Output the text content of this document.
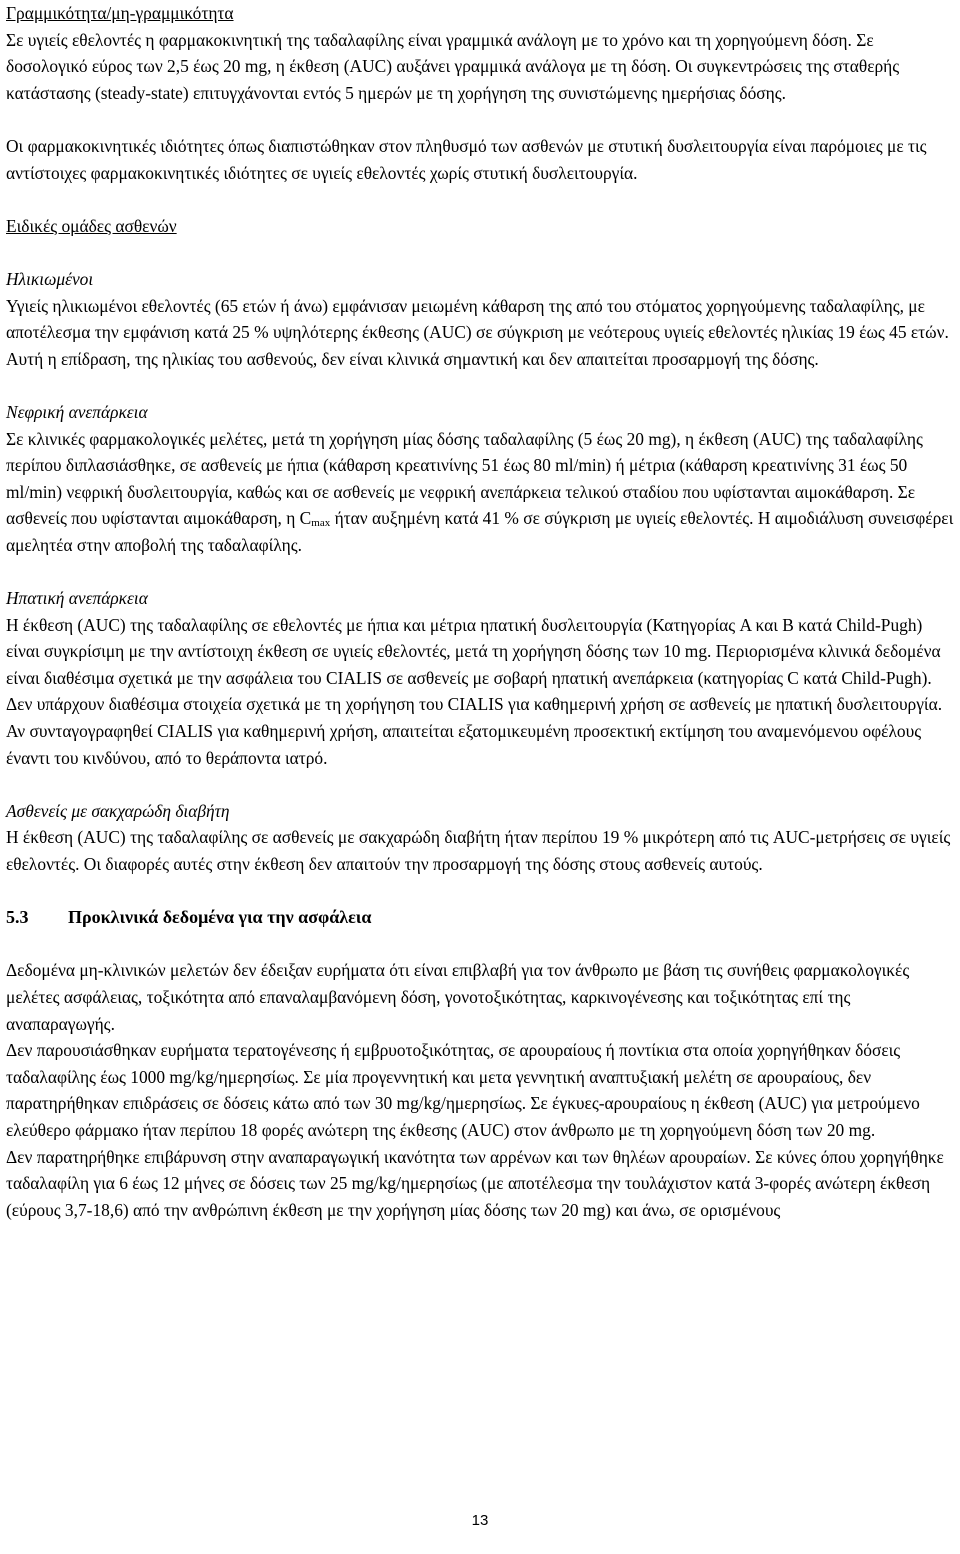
Γραμμικότητα/μη-γραμμικότητα

Σε υγιείς εθελοντές η φαρμακοκινητική της ταδαλαφίλης είναι γραμμικά ανάλογη με το χρόνο και τη χορηγούμενη δόση. Σε δοσολογικό εύρος των 2,5 έως 20 mg, η έκθεση (AUC) αυξάνει γραμμικά ανάλογα με τη δόση. Οι συγκεντρώσεις της σταθερής κατάστασης (steady-state) επιτυγχάνονται εντός 5 ημερών με τη χορήγηση της συνιστώμενης ημερήσιας δόσης.

Οι φαρμακοκινητικές ιδιότητες όπως διαπιστώθηκαν στον πληθυσμό των ασθενών με στυτική δυσλειτουργία είναι παρόμοιες με τις αντίστοιχες φαρμακοκινητικές ιδιότητες σε υγιείς εθελοντές χωρίς στυτική δυσλειτουργία.

Ειδικές ομάδες ασθενών

Ηλικιωμένοι

Υγιείς ηλικιωμένοι εθελοντές (65 ετών ή άνω) εμφάνισαν μειωμένη κάθαρση της από του στόματος χορηγούμενης ταδαλαφίλης, με αποτέλεσμα την εμφάνιση κατά 25 % υψηλότερης έκθεσης (AUC) σε σύγκριση με νεότερους υγιείς εθελοντές ηλικίας 19 έως 45 ετών. Αυτή η επίδραση, της ηλικίας του ασθενούς, δεν είναι κλινικά σημαντική και δεν απαιτείται προσαρμογή της δόσης.

Νεφρική ανεπάρκεια

Σε κλινικές φαρμακολογικές μελέτες, μετά τη χορήγηση μίας δόσης ταδαλαφίλης (5 έως 20 mg), η έκθεση (AUC) της ταδαλαφίλης περίπου διπλασιάσθηκε, σε ασθενείς με ήπια (κάθαρση κρεατινίνης 51 έως 80 ml/min) ή μέτρια (κάθαρση κρεατινίνης 31 έως 50 ml/min) νεφρική δυσλειτουργία, καθώς και σε ασθενείς με νεφρική ανεπάρκεια τελικού σταδίου που υφίστανται αιμοκάθαρση. Σε ασθενείς που υφίστανται αιμοκάθαρση, η Cmax ήταν αυξημένη κατά 41 % σε σύγκριση με υγιείς εθελοντές. Η αιμοδιάλυση συνεισφέρει αμελητέα στην αποβολή της ταδαλαφίλης.

Ηπατική ανεπάρκεια

Η έκθεση (AUC) της ταδαλαφίλης σε εθελοντές με ήπια και μέτρια ηπατική δυσλειτουργία (Κατηγορίας A και B κατά Child-Pugh) είναι συγκρίσιμη με την αντίστοιχη έκθεση σε υγιείς εθελοντές, μετά τη χορήγηση δόσης των 10 mg. Περιορισμένα κλινικά δεδομένα είναι διαθέσιμα σχετικά με την ασφάλεια του CIALIS σε ασθενείς με σοβαρή ηπατική ανεπάρκεια (κατηγορίας C κατά Child-Pugh). Δεν υπάρχουν διαθέσιμα στοιχεία σχετικά με τη χορήγηση του CIALIS για καθημερινή χρήση σε ασθενείς με ηπατική δυσλειτουργία. Αν συνταγογραφηθεί CIALIS για καθημερινή χρήση, απαιτείται εξατομικευμένη προσεκτική εκτίμηση του αναμενόμενου οφέλους έναντι του κινδύνου, από το θεράποντα ιατρό.

Ασθενείς με σακχαρώδη διαβήτη

Η έκθεση (AUC) της ταδαλαφίλης σε ασθενείς με σακχαρώδη διαβήτη ήταν περίπου 19 % μικρότερη από τις AUC-μετρήσεις σε υγιείς εθελοντές. Οι διαφορές αυτές στην έκθεση δεν απαιτούν την προσαρμογή της δόσης στους ασθενείς αυτούς.

5.3 Προκλινικά δεδομένα για την ασφάλεια

Δεδομένα μη-κλινικών μελετών δεν έδειξαν ευρήματα ότι είναι επιβλαβή για τον άνθρωπο με βάση τις συνήθεις φαρμακολογικές μελέτες ασφάλειας, τοξικότητα από επαναλαμβανόμενη δόση, γονοτοξικότητας, καρκινογένεσης και τοξικότητας επί της αναπαραγωγής.

Δεν παρουσιάσθηκαν ευρήματα τερατογένεσης ή εμβρυοτοξικότητας, σε αρουραίους ή ποντίκια στα οποία χορηγήθηκαν δόσεις ταδαλαφίλης έως 1000 mg/kg/ημερησίως. Σε μία προγεννητική και μετα γεννητική αναπτυξιακή μελέτη σε αρουραίους, δεν παρατηρήθηκαν επιδράσεις σε δόσεις κάτω από των 30 mg/kg/ημερησίως. Σε έγκυες-αρουραίους η έκθεση (AUC) για μετρούμενο ελεύθερο φάρμακο ήταν περίπου 18 φορές ανώτερη της έκθεσης (AUC) στον άνθρωπο με τη χορηγούμενη δόση των 20 mg.

Δεν παρατηρήθηκε επιβάρυνση στην αναπαραγωγική ικανότητα των αρρένων και των θηλέων αρουραίων. Σε κύνες όπου χορηγήθηκε ταδαλαφίλη για 6 έως 12 μήνες σε δόσεις των 25 mg/kg/ημερησίως (με αποτέλεσμα την τουλάχιστον κατά 3-φορές ανώτερη έκθεση (εύρους 3,7-18,6) από την ανθρώπινη έκθεση με την χορήγηση μίας δόσης των 20 mg) και άνω, σε ορισμένους

13
